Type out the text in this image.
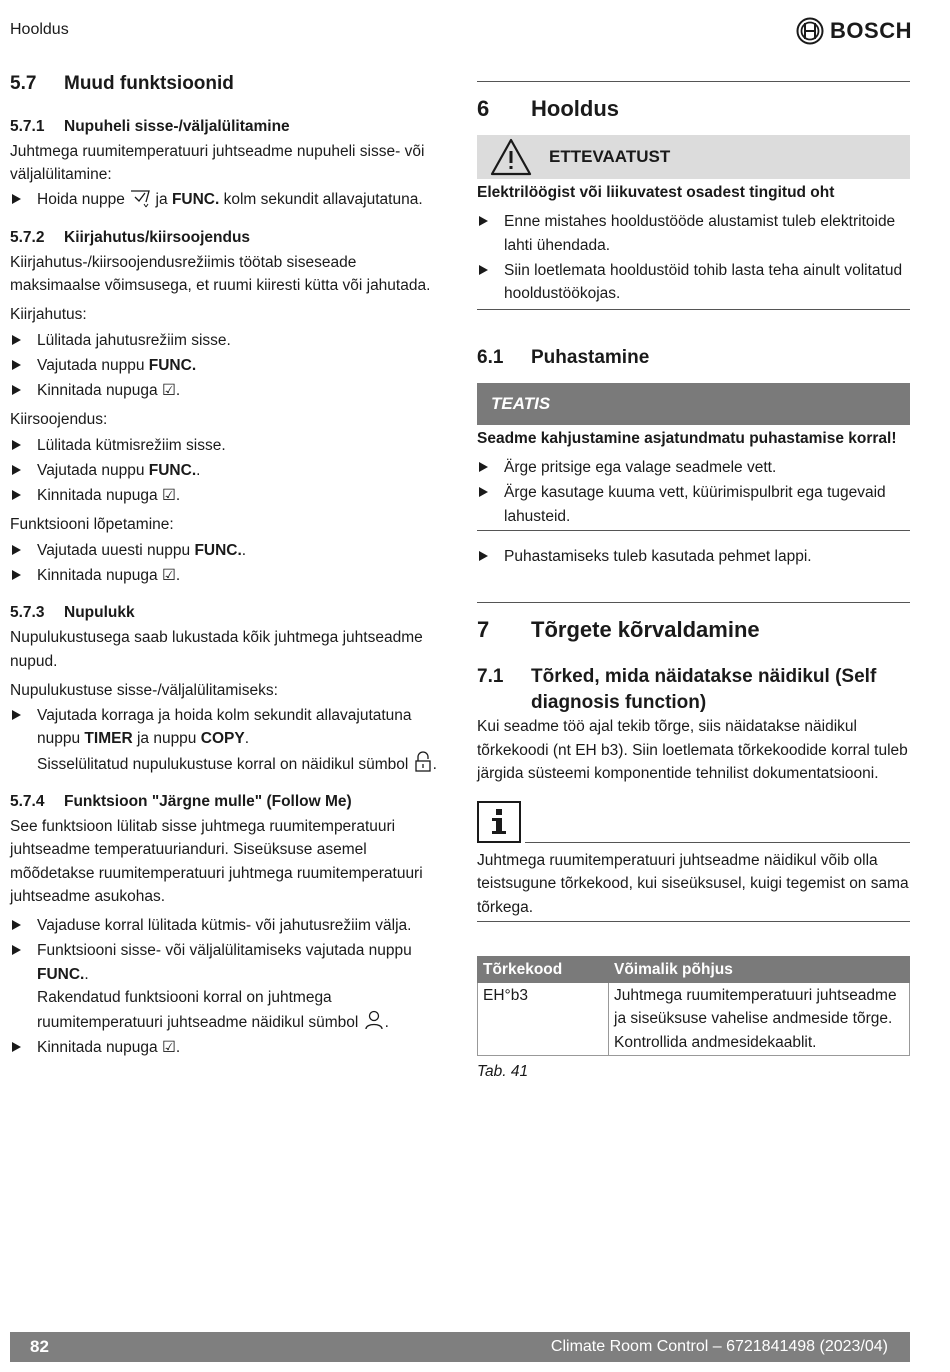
Hooldus	BOSCH
5.7	Muud funktsioonid
5.7.1	Nupuheli sisse-/väljalülitamine

Juhtmega ruumitemperatuuri juhtseadme nupuheli sisse- või väljalülitamine:

Hoida nuppe ja FUNC. kolm sekundit allavajutatuna.
5.7.2	Kiirjahutus/kiirsoojendus

Kiirjahutus-/kiirsoojendusrežiimis töötab siseseade maksimaalse võimsusega, et ruumi kiiresti kütta või jahutada.

Kiirjahutus:

Lülitada jahutusrežiim sisse.
Vajutada nuppu FUNC.
Kinnitada nupuga ☑.

Kiirsoojendus:

Lülitada kütmisrežiim sisse.
Vajutada nuppu FUNC..
Kinnitada nupuga ☑.

Funktsiooni lõpetamine:

Vajutada uuesti nuppu FUNC..
Kinnitada nupuga ☑.
5.7.3	Nupulukk

Nupulukustusega saab lukustada kõik juhtmega juhtseadme nupud.

Nupulukustuse sisse-/väljalülitamiseks:

Vajutada korraga ja hoida kolm sekundit allavajutatuna nuppu TIMER ja nuppu COPY.
Sisselülitatud nupulukustuse korral on näidikul sümbol .
5.7.4	Funktsioon "Järgne mulle" (Follow Me)

See funktsioon lülitab sisse juhtmega ruumitemperatuuri juhtseadme temperatuurianduri. Siseüksuse asemel mõõdetakse ruumitemperatuuri juhtmega ruumitemperatuuri juhtseadme asukohas.

Vajaduse korral lülitada kütmis- või jahutusrežiim välja.
Funktsiooni sisse- või väljalülitamiseks vajutada nuppu FUNC..
Rakendatud funktsiooni korral on juhtmega ruumitemperatuuri juhtseadme näidikul sümbol .
Kinnitada nupuga ☑.
6	Hooldus
ETTEVAATUST

Elektrilöögist või liikuvatest osadest tingitud oht

Enne mistahes hooldustööde alustamist tuleb elektritoide lahti ühendada.
Siin loetlemata hooldustöid tohib lasta teha ainult volitatud hooldustöökojas.
6.1	Puhastamine
TEATIS

Seadme kahjustamine asjatundmatu puhastamise korral!

Ärge pritsige ega valage seadmele vett.
Ärge kasutage kuuma vett, küürimispulbrit ega tugevaid lahusteid.
Puhastamiseks tuleb kasutada pehmet lappi.
7	Tõrgete kõrvaldamine
7.1	Tõrked, mida näidatakse näidikul (Self diagnosis function)

Kui seadme töö ajal tekib tõrge, siis näidatakse näidikul tõrkekoodi (nt EH b3). Siin loetlemata tõrkekoodide korral tuleb järgida süsteemi komponentide tehnilist dokumentatsiooni.

Juhtmega ruumitemperatuuri juhtseadme näidikul võib olla teistsugune tõrkekood, kui siseüksusel, kuigi tegemist on sama tõrkega.

Tõrkekood	Võimalik põhjus
EH°b3	Juhtmega ruumitemperatuuri juhtseadme ja siseüksuse vahelise andmeside tõrge. Kontrollida andmesidekaablit.
Tab. 41
82	Climate Room Control – 6721841498 (2023/04)
